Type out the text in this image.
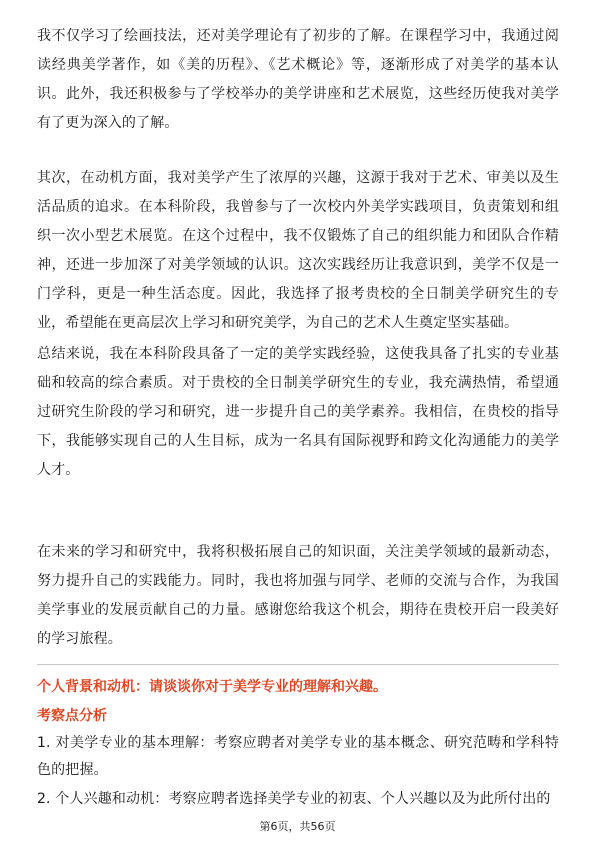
我不仅学习了绘画技法，还对美学理论有了初步的了解。在课程学习中，我通过阅读经典美学著作，如《美的历程》、《艺术概论》等，逐渐形成了对美学的基本认识。此外，我还积极参与了学校举办的美学讲座和艺术展览，这些经历使我对美学有了更为深入的了解。

其次，在动机方面，我对美学产生了浓厚的兴趣，这源于我对于艺术、审美以及生活品质的追求。在本科阶段，我曾参与了一次校内外美学实践项目，负责策划和组织一次小型艺术展览。在这个过程中，我不仅锻炼了自己的组织能力和团队合作精神，还进一步加深了对美学领域的认识。这次实践经历让我意识到，美学不仅是一门学科，更是一种生活态度。因此，我选择了报考贵校的全日制美学研究生的专业，希望能在更高层次上学习和研究美学，为自己的艺术人生奠定坚实基础。

总结来说，我在本科阶段具备了一定的美学实践经验，这使我具备了扎实的专业基础和较高的综合素质。对于贵校的全日制美学研究生的专业，我充满热情，希望通过研究生阶段的学习和研究，进一步提升自己的美学素养。我相信，在贵校的指导下，我能够实现自己的人生目标，成为一名具有国际视野和跨文化沟通能力的美学人才。

在未来的学习和研究中，我将积极拓展自己的知识面，关注美学领域的最新动态，努力提升自己的实践能力。同时，我也将加强与同学、老师的交流与合作，为我国美学事业的发展贡献自己的力量。感谢您给我这个机会，期待在贵校开启一段美好的学习旅程。

个人背景和动机：请谈谈你对于美学专业的理解和兴趣。

考察点分析

1. 对美学专业的基本理解：考察应聘者对美学专业的基本概念、研究范畴和学科特色的把握。

2. 个人兴趣和动机：考察应聘者选择美学专业的初衷、个人兴趣以及为此所付出的

第6页，共56页
